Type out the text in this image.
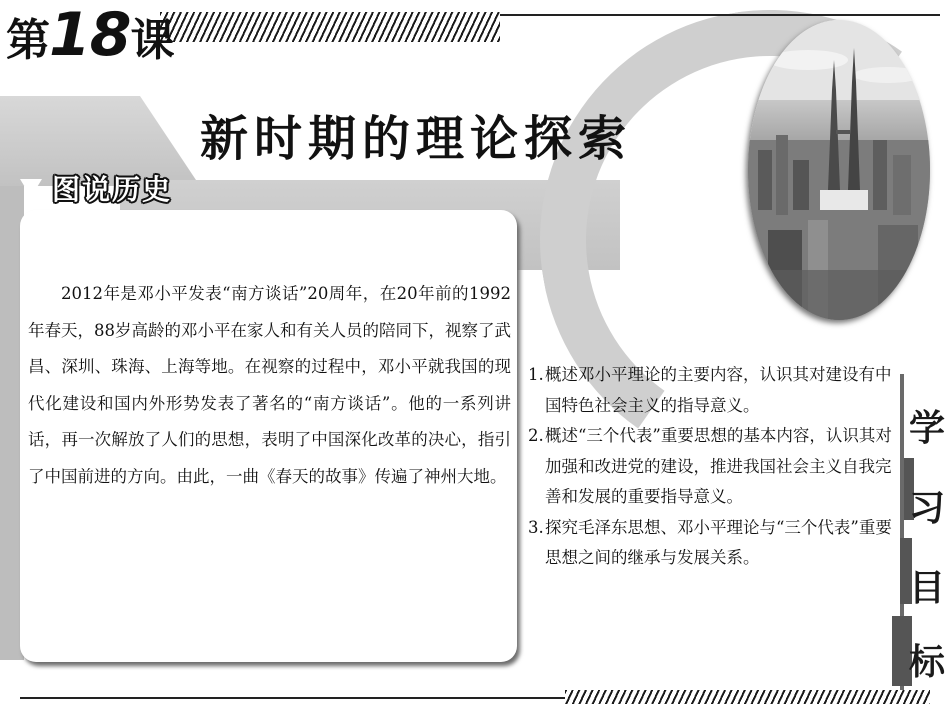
第18课
新时期的理论探索
图说历史

2012年是邓小平发表“南方谈话”20周年，在20年前的1992年春天，88岁高龄的邓小平在家人和有关人员的陪同下，视察了武昌、深圳、珠海、上海等地。在视察的过程中，邓小平就我国的现代化建设和国内外形势发表了著名的“南方谈话”。他的一系列讲话，再一次解放了人们的思想，表明了中国深化改革的决心，指引了中国前进的方向。由此，一曲《春天的故事》传遍了神州大地。

1. 概述邓小平理论的主要内容，认识其对建设有中国特色社会主义的指导意义。
2. 概述“三个代表”重要思想的基本内容，认识其对加强和改进党的建设，推进我国社会主义自我完善和发展的重要指导意义。
3. 探究毛泽东思想、邓小平理论与“三个代表”重要思想之间的继承与发展关系。
学
习
目
标
